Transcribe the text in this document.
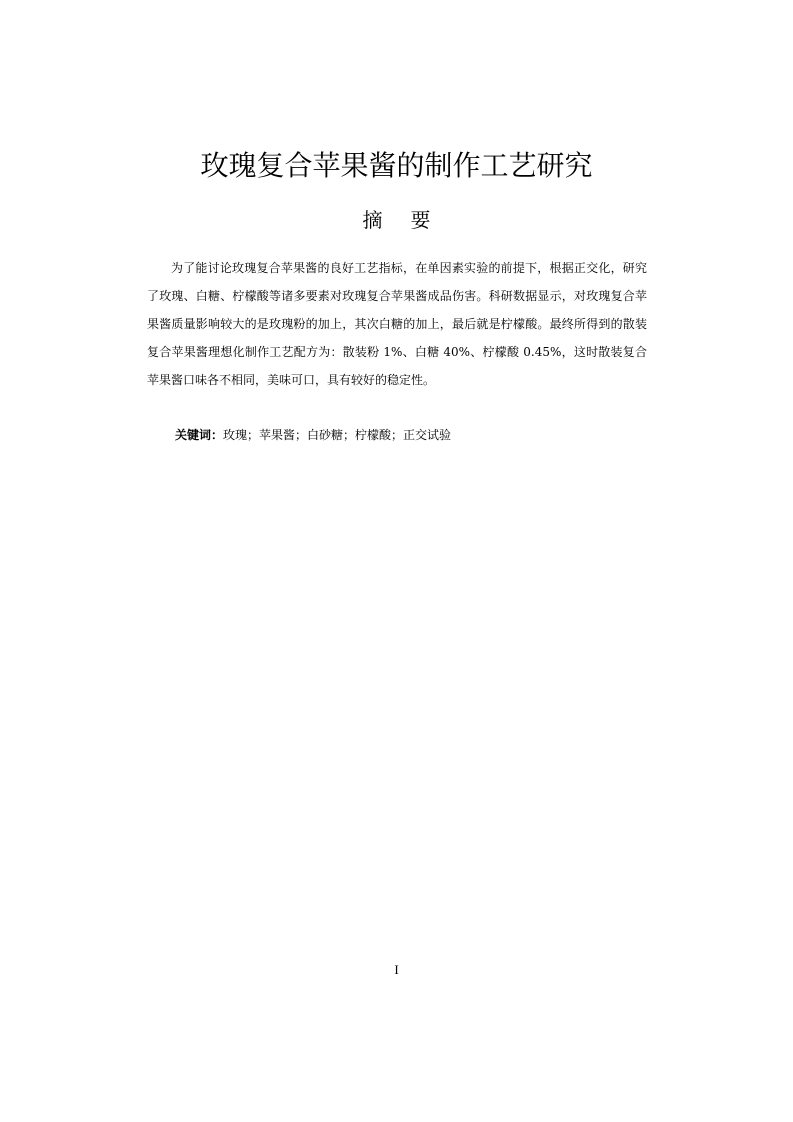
玫瑰复合苹果酱的制作工艺研究
摘 要
为了能讨论玫瑰复合苹果酱的良好工艺指标，在单因素实验的前提下，根据正交化，研究了玫瑰、白糖、柠檬酸等诸多要素对玫瑰复合苹果酱成品伤害。科研数据显示，对玫瑰复合苹果酱质量影响较大的是玫瑰粉的加上，其次白糖的加上，最后就是柠檬酸。最终所得到的散装复合苹果酱理想化制作工艺配方为：散装粉 1%、白糖 40%、柠檬酸 0.45%，这时散装复合苹果酱口味各不相同，美味可口，具有较好的稳定性。
关键词：玫瑰；苹果酱；白砂糖；柠檬酸；正交试验
I
